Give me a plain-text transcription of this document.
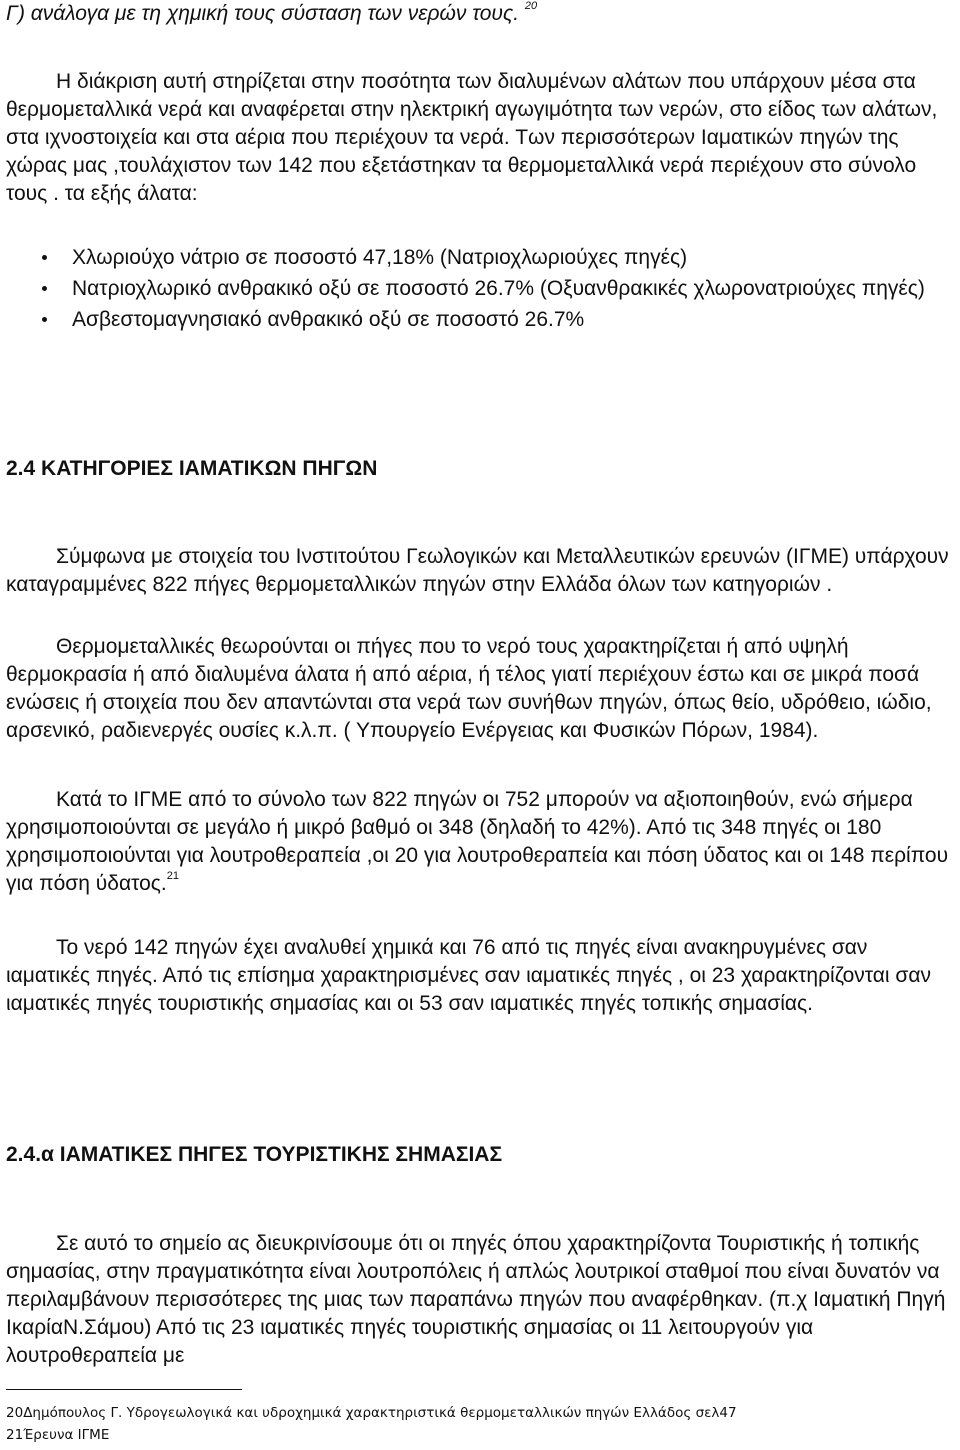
Γ) ανάλογα με τη χημική τους σύσταση των νερών τους. $^{20}$

Η διάκριση αυτή στηρίζεται στην ποσότητα των διαλυμένων αλάτων που υπάρχουν μέσα στα θερμομεταλλικά νερά και αναφέρεται στην ηλεκτρική αγωγιμότητα των νερών, στο είδος των αλάτων, στα ιχνοστοιχεία και στα αέρια που περιέχουν τα νερά. Των περισσότερων Ιαματικών πηγών της χώρας μας ,τουλάχιστον των 142 που εξετάστηκαν τα θερμομεταλλικά νερά περιέχουν στο σύνολο τους . τα εξής άλατα:

Χλωριούχο νάτριο σε ποσοστό 47,18% (Νατριοχλωριούχες πηγές)
Νατριοχλωρικό ανθρακικό οξύ σε ποσοστό 26.7% (Οξυανθρακικές χλωρονατριούχες πηγές)
Ασβεστομαγνησιακό ανθρακικό οξύ σε ποσοστό 26.7%
2.4 ΚΑΤΗΓΟΡΙΕΣ ΙΑΜΑΤΙΚΩΝ ΠΗΓΩΝ

Σύμφωνα με στοιχεία του Ινστιτούτου Γεωλογικών και Μεταλλευτικών ερευνών (ΙΓΜΕ) υπάρχουν καταγραμμένες 822 πήγες θερμομεταλλικών πηγών στην Ελλάδα όλων των κατηγοριών .

Θερμομεταλλικές θεωρούνται οι πήγες που το νερό τους χαρακτηρίζεται ή από υψηλή θερμοκρασία ή από διαλυμένα άλατα ή από αέρια, ή τέλος γιατί περιέχουν έστω και σε μικρά ποσά ενώσεις ή στοιχεία που δεν απαντώνται στα νερά των συνήθων πηγών, όπως θείο, υδρόθειο, ιώδιο, αρσενικό, ραδιενεργές ουσίες κ.λ.π. ( Υπουργείο Ενέργειας και Φυσικών Πόρων, 1984).

Κατά το ΙΓΜΕ από το σύνολο των 822 πηγών οι 752 μπορούν να αξιοποιηθούν, ενώ σήμερα χρησιμοποιούνται σε μεγάλο ή μικρό βαθμό οι 348 (δηλαδή το 42%). Από τις 348 πηγές οι 180 χρησιμοποιούνται για λουτροθεραπεία ,οι 20 για λουτροθεραπεία και πόση ύδατος και οι 148 περίπου για πόση ύδατος.$^{21}$

Το νερό 142 πηγών έχει αναλυθεί χημικά και 76 από τις πηγές είναι ανακηρυγμένες σαν ιαματικές πηγές. Από τις επίσημα χαρακτηρισμένες σαν ιαματικές πηγές , οι 23 χαρακτηρίζονται σαν ιαματικές πηγές τουριστικής σημασίας και οι 53 σαν ιαματικές πηγές τοπικής σημασίας.

2.4.α ΙΑΜΑΤΙΚΕΣ ΠΗΓΕΣ ΤΟΥΡΙΣΤΙΚΗΣ ΣΗΜΑΣΙΑΣ

Σε αυτό το σημείο ας διευκρινίσουμε ότι οι πηγές όπου χαρακτηρίζοντα Τουριστικής ή τοπικής σημασίας, στην πραγματικότητα είναι λουτροπόλεις ή απλώς λουτρικοί σταθμοί που είναι δυνατόν να περιλαμβάνουν περισσότερες της μιας των παραπάνω πηγών που αναφέρθηκαν. (π.χ Ιαματική Πηγή ΙκαρίαΝ.Σάμου) Από τις 23 ιαματικές πηγές τουριστικής σημασίας οι 11 λειτουργούν για λουτροθεραπεία με

20Δημόπουλος Γ. Υδρογεωλογικά και υδροχημικά χαρακτηριστικά θερμομεταλλικών πηγών Ελλάδος σελ47
21Έρευνα ΙΓΜΕ
